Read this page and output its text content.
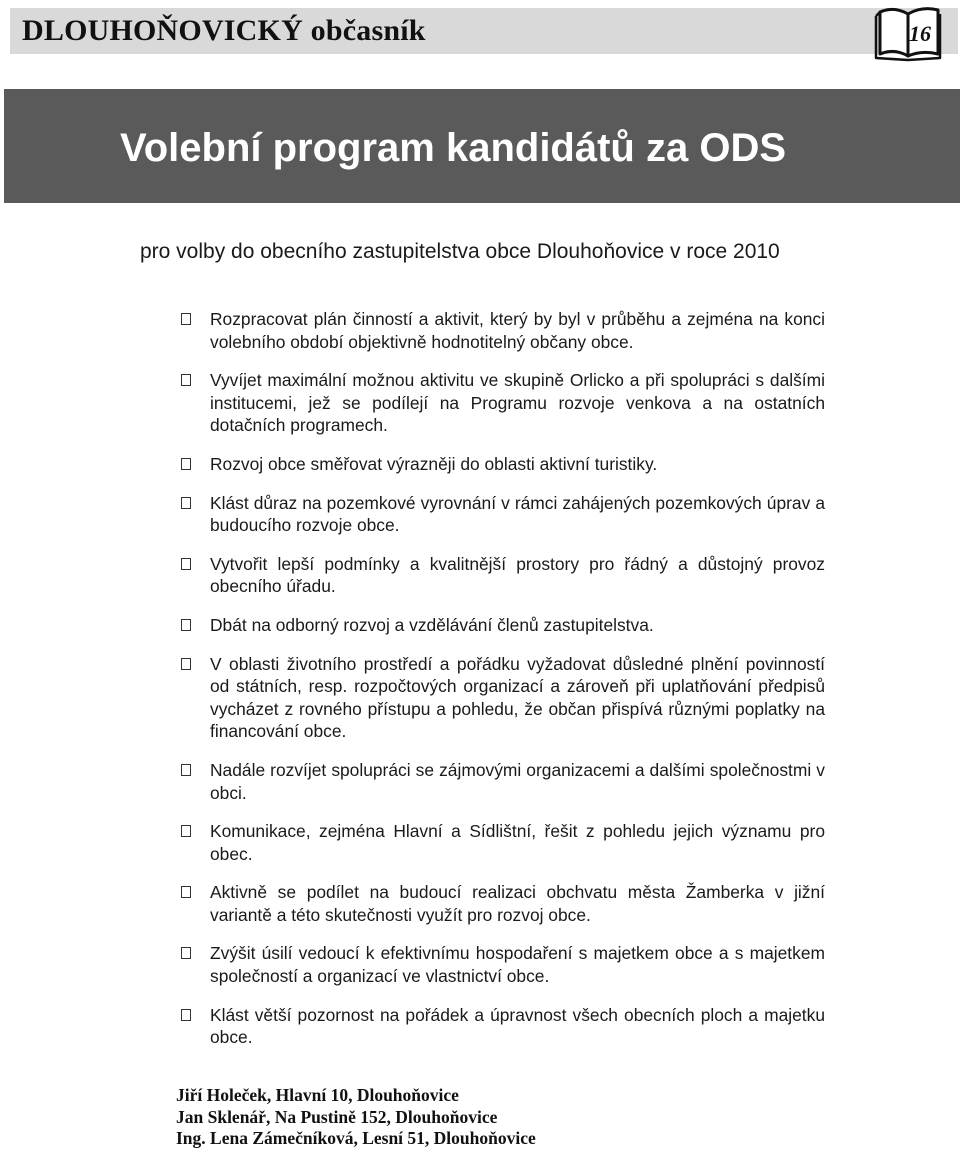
DLOUHOŇOVICKÝ občasník	16
Volební program kandidátů za ODS
pro volby do obecního zastupitelstva obce Dlouhoňovice v roce 2010
Rozpracovat plán činností a aktivit, který by byl v průběhu a zejména na konci volebního období objektivně hodnotitelný občany obce.
Vyvíjet maximální možnou aktivitu ve skupině Orlicko a při spolupráci s dalšími institucemi, jež se podílejí na Programu rozvoje venkova a na ostatních dotačních programech.
Rozvoj obce směřovat výrazněji do oblasti aktivní turistiky.
Klást důraz na pozemkové vyrovnání v rámci zahájených pozemkových úprav a budoucího rozvoje obce.
Vytvořit lepší podmínky a kvalitnější prostory pro řádný a důstojný provoz obecního úřadu.
Dbát na odborný rozvoj a vzdělávání členů zastupitelstva.
V oblasti životního prostředí a pořádku vyžadovat důsledné plnění povinností od státních, resp. rozpočtových organizací a zároveň při uplatňování předpisů vycházet z rovného přístupu a pohledu, že občan přispívá různými poplatky na financování obce.
Nadále rozvíjet spolupráci se zájmovými organizacemi a dalšími společnostmi v obci.
Komunikace, zejména Hlavní a Sídlištní, řešit z pohledu jejich významu pro obec.
Aktivně se podílet na budoucí realizaci obchvatu města Žamberka v jižní variantě a této skutečnosti využít pro rozvoj obce.
Zvýšit úsilí vedoucí k efektivnímu hospodaření s majetkem obce a s majetkem společností a organizací ve vlastnictví obce.
Klást větší pozornost na pořádek a úpravnost všech obecních ploch a majetku obce.
Jiří Holeček, Hlavní 10, Dlouhoňovice
Jan Sklenář, Na Pustině 152, Dlouhoňovice
Ing. Lena Zámečníková, Lesní 51, Dlouhoňovice
